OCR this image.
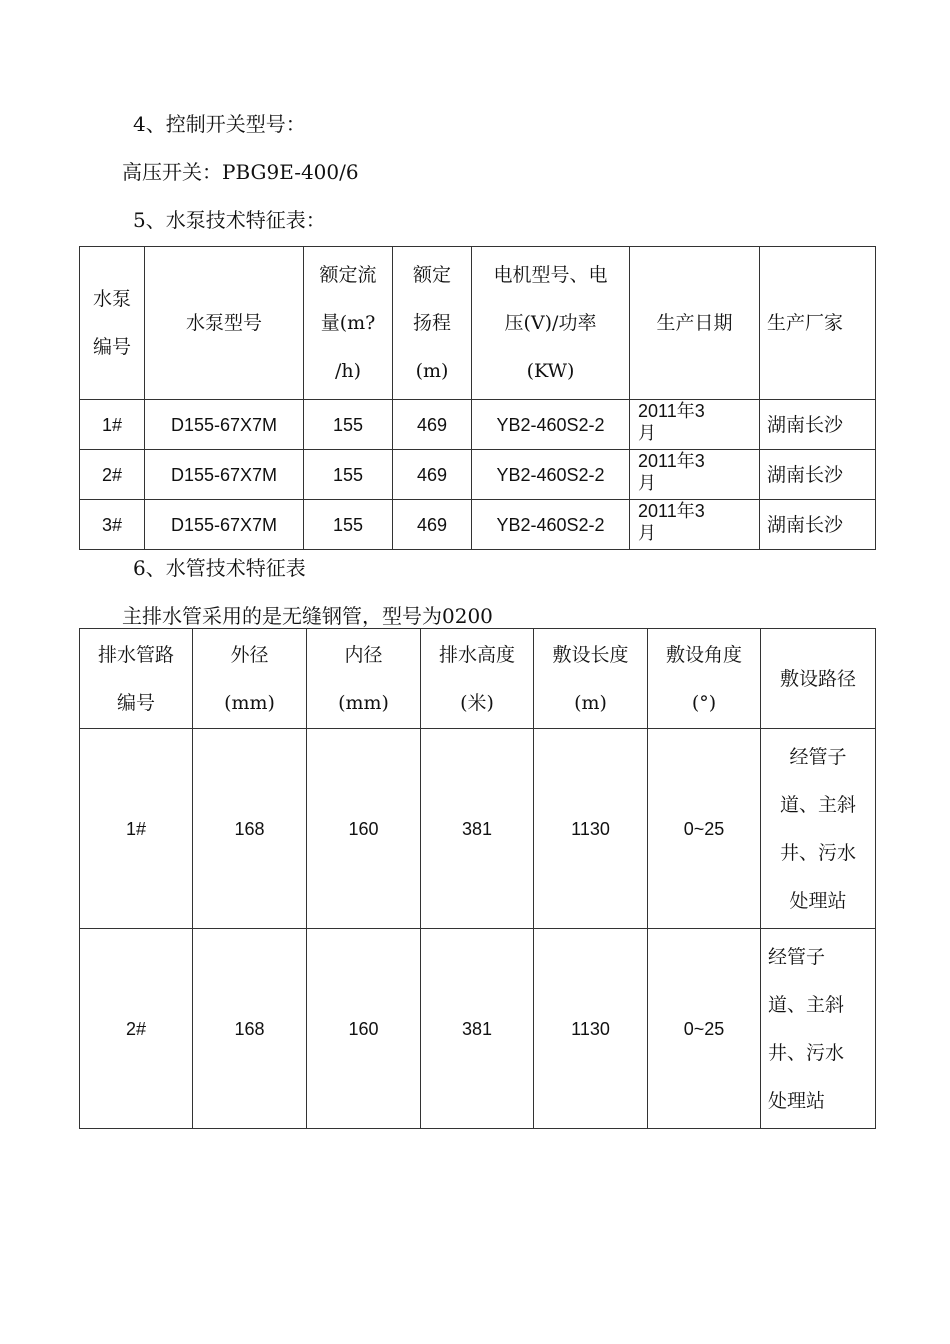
4、控制开关型号：
高压开关：PBG9E-400/6
5、水泵技术特征表：
水泵
编号	水泵型号	额定流
量(m?
/h)	额定
扬程
(m)	电机型号、电
压(V)/功率
(KW)	生产日期	生产厂家

1#	D155-67X7M	155	469	YB2-460S2-2	2011年3
月	湖南长沙
2#	D155-67X7M	155	469	YB2-460S2-2	2011年3
月	湖南长沙
3#	D155-67X7M	155	469	YB2-460S2-2	2011年3
月	湖南长沙
6、水管技术特征表
主排水管采用的是无缝钢管，型号为0200
排水管路
编号	外径
(mm)	内径
(mm)	排水高度
(米)	敷设长度
(m)	敷设角度
(°)	敷设路径

1#	168	160	381	1130	0~25	经管子
道、主斜
井、污水
处理站

2#	168	160	381	1130	0~25	经管子
道、主斜
井、污水
处理站
